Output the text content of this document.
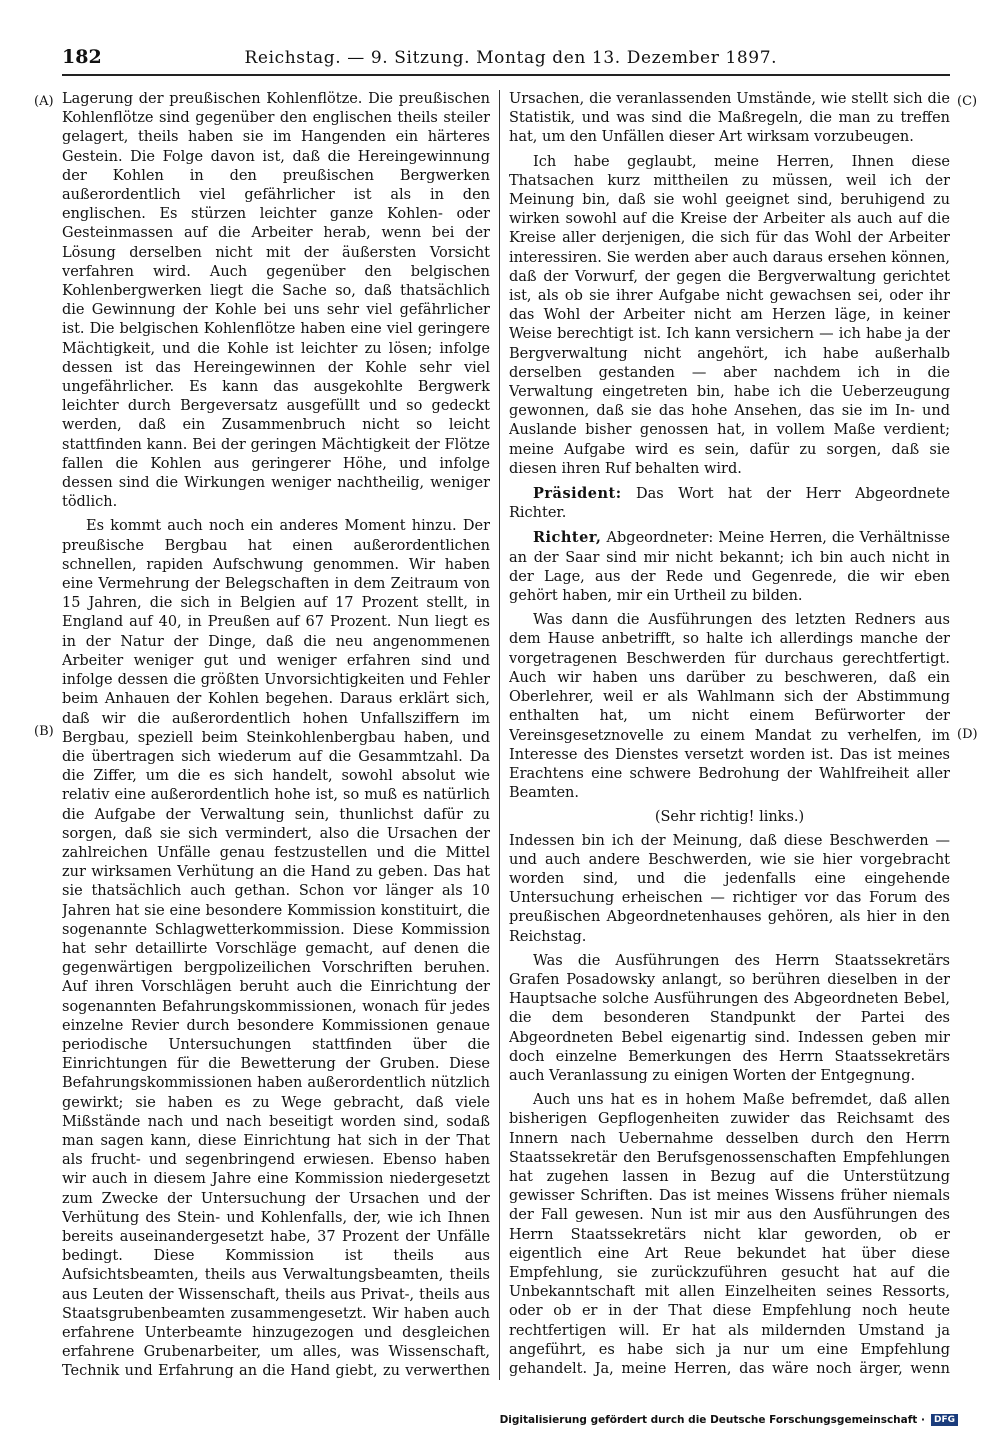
182	Reichstag. — 9. Sitzung. Montag den 13. Dezember 1897.
(A)
(B)
(C)
(D)

Lagerung der preußischen Kohlenflötze. Die preußischen Kohlenflötze sind gegenüber den englischen theils steiler gelagert, theils haben sie im Hangenden ein härteres Gestein. Die Folge davon ist, daß die Hereingewinnung der Kohlen in den preußischen Bergwerken außerordentlich viel gefährlicher ist als in den englischen. Es stürzen leichter ganze Kohlen- oder Gesteinmassen auf die Arbeiter herab, wenn bei der Lösung derselben nicht mit der äußersten Vorsicht verfahren wird. Auch gegenüber den belgischen Kohlenbergwerken liegt die Sache so, daß thatsächlich die Gewinnung der Kohle bei uns sehr viel gefährlicher ist. Die belgischen Kohlenflötze haben eine viel geringere Mächtigkeit, und die Kohle ist leichter zu lösen; infolge dessen ist das Hereingewinnen der Kohle sehr viel ungefährlicher. Es kann das ausgekohlte Bergwerk leichter durch Bergeversatz ausgefüllt und so gedeckt werden, daß ein Zusammenbruch nicht so leicht stattfinden kann. Bei der geringen Mächtigkeit der Flötze fallen die Kohlen aus geringerer Höhe, und infolge dessen sind die Wirkungen weniger nachtheilig, weniger tödlich.

Es kommt auch noch ein anderes Moment hinzu. Der preußische Bergbau hat einen außerordentlichen schnellen, rapiden Aufschwung genommen. Wir haben eine Vermehrung der Belegschaften in dem Zeitraum von 15 Jahren, die sich in Belgien auf 17 Prozent stellt, in England auf 40, in Preußen auf 67 Prozent. Nun liegt es in der Natur der Dinge, daß die neu angenommenen Arbeiter weniger gut und weniger erfahren sind und infolge dessen die größten Unvorsichtigkeiten und Fehler beim Anhauen der Kohlen begehen. Daraus erklärt sich, daß wir die außerordentlich hohen Unfallsziffern im Bergbau, speziell beim Steinkohlenbergbau haben, und die übertragen sich wiederum auf die Gesammtzahl. Da die Ziffer, um die es sich handelt, sowohl absolut wie relativ eine außerordentlich hohe ist, so muß es natürlich die Aufgabe der Verwaltung sein, thunlichst dafür zu sorgen, daß sie sich vermindert, also die Ursachen der zahlreichen Unfälle genau festzustellen und die Mittel zur wirksamen Verhütung an die Hand zu geben. Das hat sie thatsächlich auch gethan. Schon vor länger als 10 Jahren hat sie eine besondere Kommission konstituirt, die sogenannte Schlagwetterkommission. Diese Kommission hat sehr detaillirte Vorschläge gemacht, auf denen die gegenwärtigen bergpolizeilichen Vorschriften beruhen. Auf ihren Vorschlägen beruht auch die Einrichtung der sogenannten Befahrungskommissionen, wonach für jedes einzelne Revier durch besondere Kommissionen genaue periodische Untersuchungen stattfinden über die Einrichtungen für die Bewetterung der Gruben. Diese Befahrungskommissionen haben außerordentlich nützlich gewirkt; sie haben es zu Wege gebracht, daß viele Mißstände nach und nach beseitigt worden sind, sodaß man sagen kann, diese Einrichtung hat sich in der That als frucht- und segenbringend erwiesen. Ebenso haben wir auch in diesem Jahre eine Kommission niedergesetzt zum Zwecke der Untersuchung der Ursachen und der Verhütung des Stein- und Kohlenfalls, der, wie ich Ihnen bereits auseinandergesetzt habe, 37 Prozent der Unfälle bedingt. Diese Kommission ist theils aus Aufsichtsbeamten, theils aus Verwaltungsbeamten, theils aus Leuten der Wissenschaft, theils aus Privat-, theils aus Staatsgrubenbeamten zusammengesetzt. Wir haben auch erfahrene Unterbeamte hinzugezogen und desgleichen erfahrene Grubenarbeiter, um alles, was Wissenschaft, Technik und Erfahrung an die Hand giebt, zu verwerthen

Ursachen, die veranlassenden Umstände, wie stellt sich die Statistik, und was sind die Maßregeln, die man zu treffen hat, um den Unfällen dieser Art wirksam vorzubeugen.

Ich habe geglaubt, meine Herren, Ihnen diese Thatsachen kurz mittheilen zu müssen, weil ich der Meinung bin, daß sie wohl geeignet sind, beruhigend zu wirken sowohl auf die Kreise der Arbeiter als auch auf die Kreise aller derjenigen, die sich für das Wohl der Arbeiter interessiren. Sie werden aber auch daraus ersehen können, daß der Vorwurf, der gegen die Bergverwaltung gerichtet ist, als ob sie ihrer Aufgabe nicht gewachsen sei, oder ihr das Wohl der Arbeiter nicht am Herzen läge, in keiner Weise berechtigt ist. Ich kann versichern — ich habe ja der Bergverwaltung nicht angehört, ich habe außerhalb derselben gestanden — aber nachdem ich in die Verwaltung eingetreten bin, habe ich die Ueberzeugung gewonnen, daß sie das hohe Ansehen, das sie im In- und Auslande bisher genossen hat, in vollem Maße verdient; meine Aufgabe wird es sein, dafür zu sorgen, daß sie diesen ihren Ruf behalten wird.

Präsident: Das Wort hat der Herr Abgeordnete Richter.

Richter, Abgeordneter: Meine Herren, die Verhältnisse an der Saar sind mir nicht bekannt; ich bin auch nicht in der Lage, aus der Rede und Gegenrede, die wir eben gehört haben, mir ein Urtheil zu bilden.

Was dann die Ausführungen des letzten Redners aus dem Hause anbetrifft, so halte ich allerdings manche der vorgetragenen Beschwerden für durchaus gerechtfertigt. Auch wir haben uns darüber zu beschweren, daß ein Oberlehrer, weil er als Wahlmann sich der Abstimmung enthalten hat, um nicht einem Befürworter der Vereinsgesetznovelle zu einem Mandat zu verhelfen, im Interesse des Dienstes versetzt worden ist. Das ist meines Erachtens eine schwere Bedrohung der Wahlfreiheit aller Beamten.

(Sehr richtig! links.)

Indessen bin ich der Meinung, daß diese Beschwerden — und auch andere Beschwerden, wie sie hier vorgebracht worden sind, und die jedenfalls eine eingehende Untersuchung erheischen — richtiger vor das Forum des preußischen Abgeordnetenhauses gehören, als hier in den Reichstag.

Was die Ausführungen des Herrn Staatssekretärs Grafen Posadowsky anlangt, so berühren dieselben in der Hauptsache solche Ausführungen des Abgeordneten Bebel, die dem besonderen Standpunkt der Partei des Abgeordneten Bebel eigenartig sind. Indessen geben mir doch einzelne Bemerkungen des Herrn Staatssekretärs auch Veranlassung zu einigen Worten der Entgegnung.

Auch uns hat es in hohem Maße befremdet, daß allen bisherigen Gepflogenheiten zuwider das Reichsamt des Innern nach Uebernahme desselben durch den Herrn Staatssekretär den Berufsgenossenschaften Empfehlungen hat zugehen lassen in Bezug auf die Unterstützung gewisser Schriften. Das ist meines Wissens früher niemals der Fall gewesen. Nun ist mir aus den Ausführungen des Herrn Staatssekretärs nicht klar geworden, ob er eigentlich eine Art Reue bekundet hat über diese Empfehlung, sie zurückzuführen gesucht hat auf die Unbekanntschaft mit allen Einzelheiten seines Ressorts, oder ob er in der That diese Empfehlung noch heute rechtfertigen will. Er hat als mildernden Umstand ja angeführt, es habe sich ja nur um eine Empfehlung gehandelt. Ja, meine Herren, das wäre noch ärger, wenn

Digitalisierung gefördert durch die Deutsche Forschungsgemeinschaft ·	DFG
